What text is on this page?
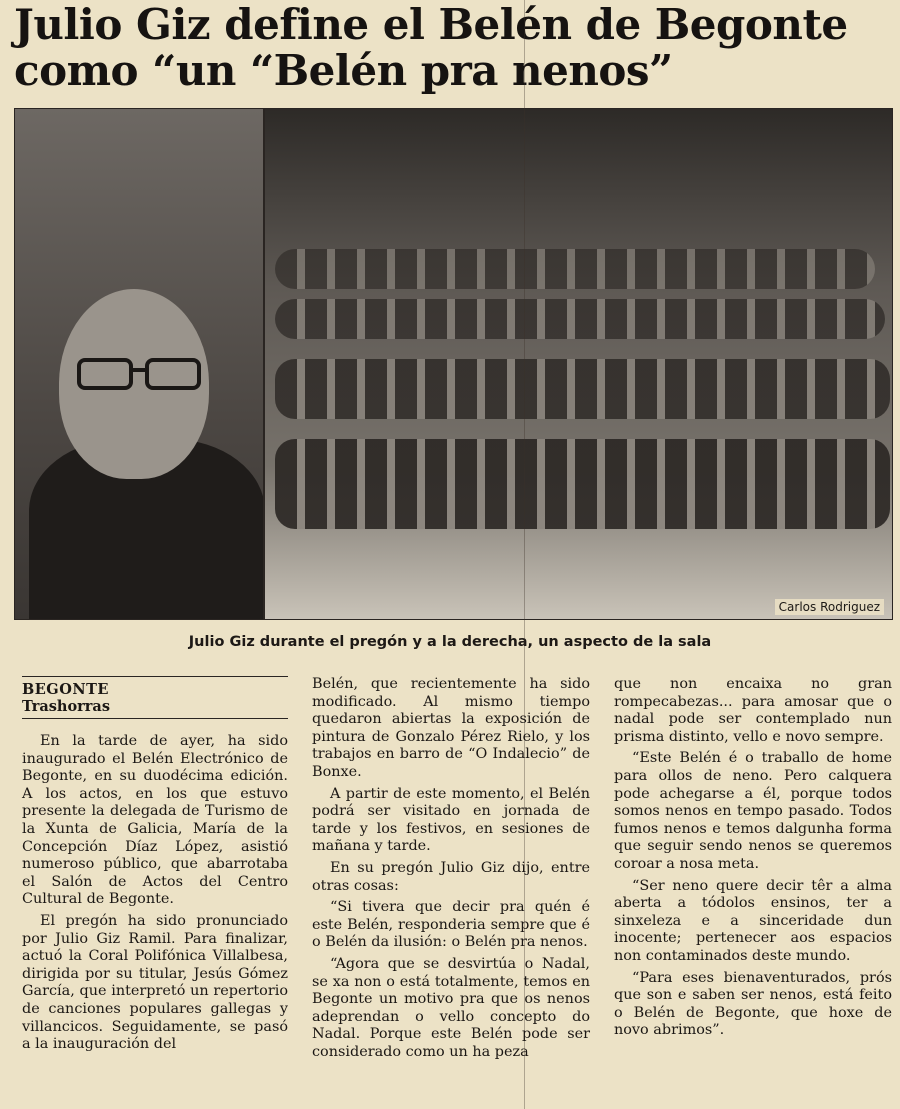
Julio Giz define el Belén de Begonte
como “un “Belén pra nenos”
Carlos Rodriguez
Julio Giz durante el pregón y a la derecha, un aspecto de la sala
BEGONTE
Trashorras

En la tarde de ayer, ha sido inaugurado el Belén Electrónico de Begonte, en su duodécima edición. A los actos, en los que estuvo presente la delegada de Turismo de la Xunta de Galicia, María de la Concepción Díaz López, asistió numeroso público, que abarrotaba el Salón de Actos del Centro Cultural de Begonte.

El pregón ha sido pronunciado por Julio Giz Ramil. Para finalizar, actuó la Coral Polifónica Villalbesa, dirigida por su titular, Jesús Gómez García, que interpretó un repertorio de canciones populares gallegas y villancicos. Seguidamente, se pasó a la inauguración del

Belén, que recientemente ha sido modificado. Al mismo tiempo quedaron abiertas la exposición de pintura de Gonzalo Pérez Rielo, y los trabajos en barro de “O Indalecio” de Bonxe.

A partir de este momento, el Belén podrá ser visitado en jornada de tarde y los festivos, en sesiones de mañana y tarde.

En su pregón Julio Giz dijo, entre otras cosas:

“Si tivera que decir pra quén é este Belén, responderia sempre que é o Belén da ilusión: o Belén pra nenos.

“Agora que se desvirtúa o Nadal, se xa non o está totalmente, temos en Begonte un motivo pra que os nenos adeprendan o vello concepto do Nadal. Porque este Belén pode ser considerado como un ha peza

que non encaixa no gran rompecabezas... para amosar que o nadal pode ser contemplado nun prisma distinto, vello e novo sempre.

“Este Belén é o traballo de home para ollos de neno. Pero calquera pode achegarse a él, porque todos somos nenos en tempo pasado. Todos fumos nenos e temos dalgunha forma que seguir sendo nenos se queremos coroar a nosa meta.

“Ser neno quere decir têr a alma aberta a tódolos ensinos, ter a sinxeleza e a sinceridade dun inocente; pertenecer aos espacios non contaminados deste mundo.

“Para eses bienaventurados, prós que son e saben ser nenos, está feito o Belén de Begonte, que hoxe de novo abrimos”.
